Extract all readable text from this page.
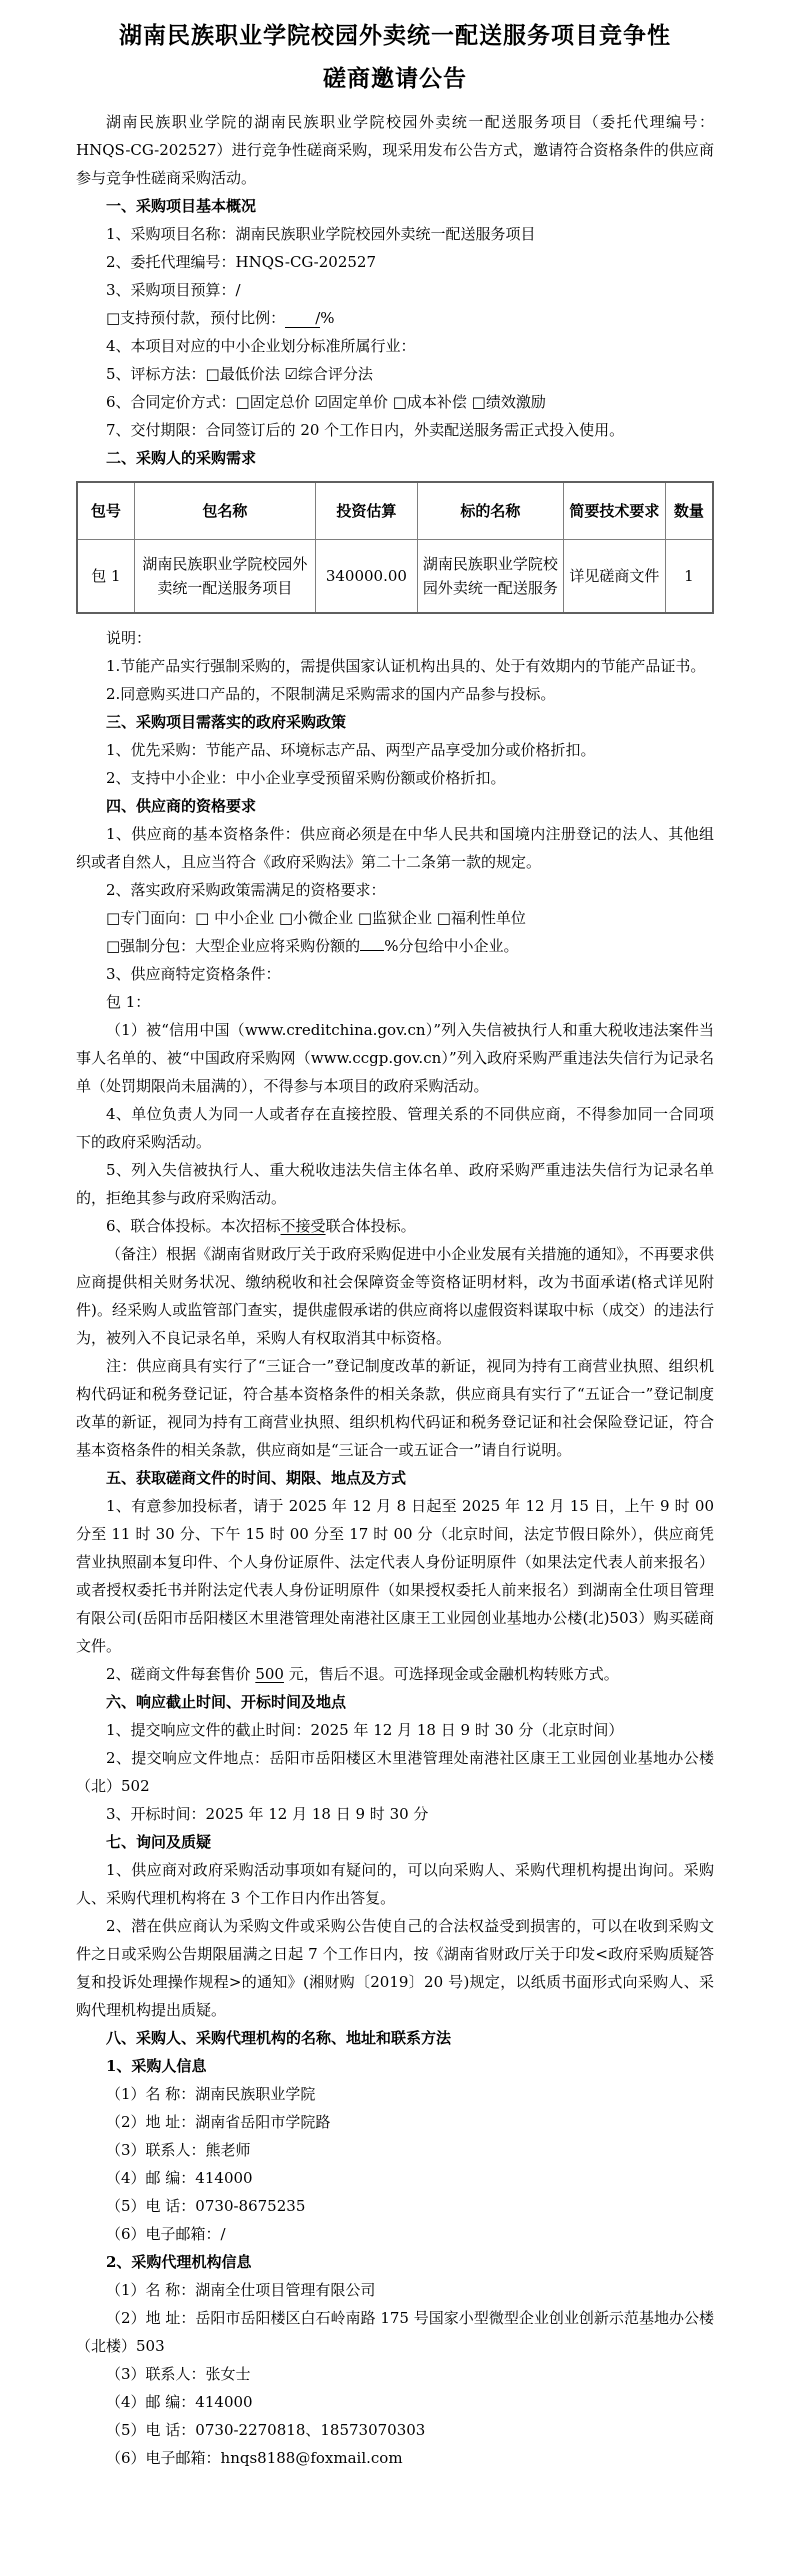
湖南民族职业学院校园外卖统一配送服务项目竞争性
磋商邀请公告

湖南民族职业学院的湖南民族职业学院校园外卖统一配送服务项目（委托代理编号：HNQS-CG-202527）进行竞争性磋商采购，现采用发布公告方式，邀请符合资格条件的供应商参与竞争性磋商采购活动。

一、采购项目基本概况

1、采购项目名称：湖南民族职业学院校园外卖统一配送服务项目

2、委托代理编号：HNQS-CG-202527

3、采购项目预算：/

□支持预付款，预付比例： /%

4、本项目对应的中小企业划分标准所属行业：

5、评标方法：□最低价法 ☑综合评分法

6、合同定价方式：□固定总价 ☑固定单价 □成本补偿 □绩效激励

7、交付期限：合同签订后的 20 个工作日内，外卖配送服务需正式投入使用。

二、采购人的采购需求

包号	包名称	投资估算	标的名称	简要技术要求	数量
包 1	湖南民族职业学院校园外卖统一配送服务项目	340000.00	湖南民族职业学院校园外卖统一配送服务	详见磋商文件	1

说明：

1.节能产品实行强制采购的，需提供国家认证机构出具的、处于有效期内的节能产品证书。

2.同意购买进口产品的，不限制满足采购需求的国内产品参与投标。

三、采购项目需落实的政府采购政策

1、优先采购：节能产品、环境标志产品、两型产品享受加分或价格折扣。

2、支持中小企业：中小企业享受预留采购份额或价格折扣。

四、供应商的资格要求

1、供应商的基本资格条件：供应商必须是在中华人民共和国境内注册登记的法人、其他组织或者自然人，且应当符合《政府采购法》第二十二条第一款的规定。

2、落实政府采购政策需满足的资格要求：

□专门面向：□ 中小企业 □小微企业 □监狱企业 □福利性单位

□强制分包：大型企业应将采购份额的 %分包给中小企业。

3、供应商特定资格条件：

包 1：

（1）被“信用中国（www.creditchina.gov.cn）”列入失信被执行人和重大税收违法案件当事人名单的、被“中国政府采购网（www.ccgp.gov.cn）”列入政府采购严重违法失信行为记录名单（处罚期限尚未届满的），不得参与本项目的政府采购活动。

4、单位负责人为同一人或者存在直接控股、管理关系的不同供应商，不得参加同一合同项下的政府采购活动。

5、列入失信被执行人、重大税收违法失信主体名单、政府采购严重违法失信行为记录名单的，拒绝其参与政府采购活动。

6、联合体投标。本次招标不接受联合体投标。

（备注）根据《湖南省财政厅关于政府采购促进中小企业发展有关措施的通知》，不再要求供应商提供相关财务状况、缴纳税收和社会保障资金等资格证明材料，改为书面承诺(格式详见附件)。经采购人或监管部门查实，提供虚假承诺的供应商将以虚假资料谋取中标（成交）的违法行为，被列入不良记录名单，采购人有权取消其中标资格。

注：供应商具有实行了“三证合一”登记制度改革的新证，视同为持有工商营业执照、组织机构代码证和税务登记证，符合基本资格条件的相关条款，供应商具有实行了“五证合一”登记制度改革的新证，视同为持有工商营业执照、组织机构代码证和税务登记证和社会保险登记证，符合基本资格条件的相关条款，供应商如是“三证合一或五证合一”请自行说明。

五、获取磋商文件的时间、期限、地点及方式

1、有意参加投标者，请于 2025 年 12 月 8 日起至 2025 年 12 月 15 日，上午 9 时 00 分至 11 时 30 分、下午 15 时 00 分至 17 时 00 分（北京时间，法定节假日除外），供应商凭营业执照副本复印件、个人身份证原件、法定代表人身份证明原件（如果法定代表人前来报名）或者授权委托书并附法定代表人身份证明原件（如果授权委托人前来报名）到湖南全仕项目管理有限公司(岳阳市岳阳楼区木里港管理处南港社区康王工业园创业基地办公楼(北)503）购买磋商文件。

2、磋商文件每套售价 500 元，售后不退。可选择现金或金融机构转账方式。

六、响应截止时间、开标时间及地点

1、提交响应文件的截止时间：2025 年 12 月 18 日 9 时 30 分（北京时间）

2、提交响应文件地点：岳阳市岳阳楼区木里港管理处南港社区康王工业园创业基地办公楼（北）502

3、开标时间：2025 年 12 月 18 日 9 时 30 分

七、询问及质疑

1、供应商对政府采购活动事项如有疑问的，可以向采购人、采购代理机构提出询问。采购人、采购代理机构将在 3 个工作日内作出答复。

2、潜在供应商认为采购文件或采购公告使自己的合法权益受到损害的，可以在收到采购文件之日或采购公告期限届满之日起 7 个工作日内，按《湖南省财政厅关于印发<政府采购质疑答复和投诉处理操作规程>的通知》(湘财购〔2019〕20 号)规定，以纸质书面形式向采购人、采购代理机构提出质疑。

八、采购人、采购代理机构的名称、地址和联系方法

1、采购人信息

（1）名 称：湖南民族职业学院

（2）地 址：湖南省岳阳市学院路

（3）联系人：熊老师

（4）邮 编：414000

（5）电 话：0730-8675235

（6）电子邮箱：/

2、采购代理机构信息

（1）名 称：湖南全仕项目管理有限公司

（2）地 址：岳阳市岳阳楼区白石岭南路 175 号国家小型微型企业创业创新示范基地办公楼（北楼）503

（3）联系人：张女士

（4）邮 编：414000

（5）电 话：0730-2270818、18573070303

（6）电子邮箱：hnqs8188@foxmail.com
